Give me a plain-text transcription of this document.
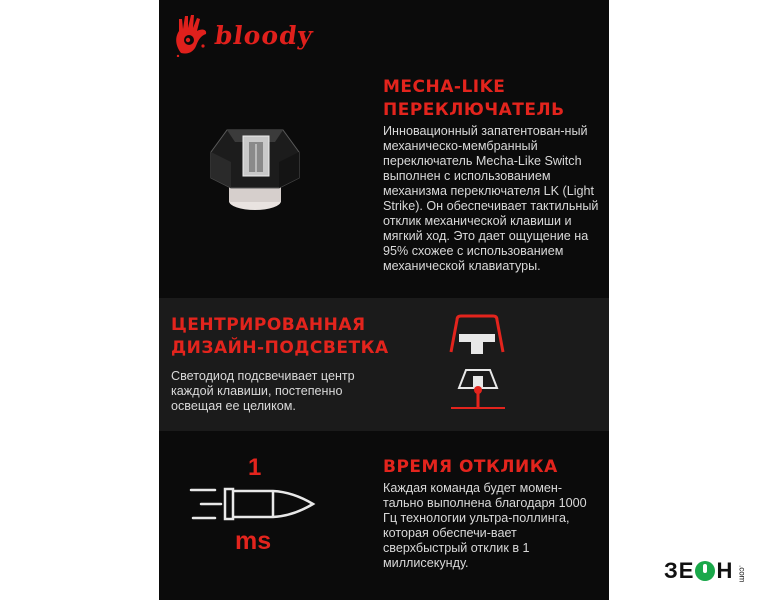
bloody
MECHA-LIKE
ПЕРЕКЛЮЧАТЕЛЬ
Инновационный запатентован-ный механическо-мембранный переключатель Mecha-Like Switch выполнен с использованием механизма переключателя LK (Light Strike). Он обеспечивает тактильный отклик механической клавиши и мягкий ход. Это дает ощущение на 95% схожее с использованием механической клавиатуры.
ЦЕНТРИРОВАННАЯ
ДИЗАЙН-ПОДСВЕТКА
Светодиод подсвечивает центр каждой клавиши, постепенно освещая ее целиком.
1
ms
ВРЕМЯ ОТКЛИКА
Каждая команда будет момен-тально выполнена благодаря 1000 Гц технологии ультра-поллинга, которая обеспечи-вает сверхбыстрый отклик в 1 миллисекунду.	ЗЕ Н .com
